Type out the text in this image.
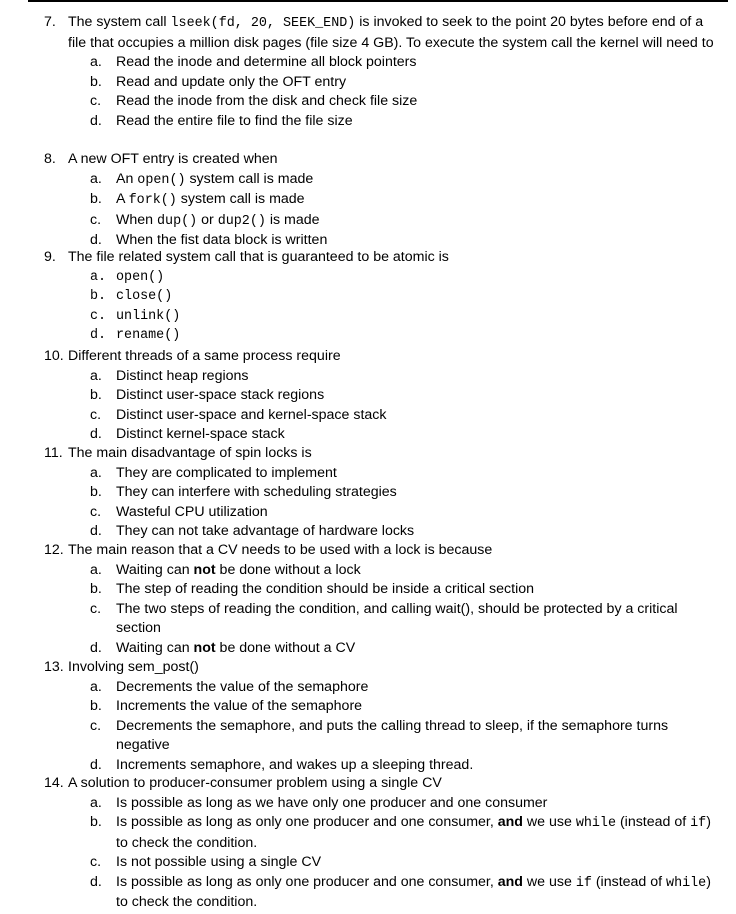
7. The system call lseek(fd, 20, SEEK_END) is invoked to seek to the point 20 bytes before end of a file that occupies a million disk pages (file size 4 GB). To execute the system call the kernel will need to
a. Read the inode and determine all block pointers
b. Read and update only the OFT entry
c. Read the inode from the disk and check file size
d. Read the entire file to find the file size
8. A new OFT entry is created when
a. An open() system call is made
b. A fork() system call is made
c. When dup() or dup2() is made
d. When the fist data block is written
9. The file related system call that is guaranteed to be atomic is
a. open()
b. close()
c. unlink()
d. rename()
10. Different threads of a same process require
a. Distinct heap regions
b. Distinct user-space stack regions
c. Distinct user-space and kernel-space stack
d. Distinct kernel-space stack
11. The main disadvantage of spin locks is
a. They are complicated to implement
b. They can interfere with scheduling strategies
c. Wasteful CPU utilization
d. They can not take advantage of hardware locks
12. The main reason that a CV needs to be used with a lock is because
a. Waiting can not be done without a lock
b. The step of reading the condition should be inside a critical section
c. The two steps of reading the condition, and calling wait(), should be protected by a critical section
d. Waiting can not be done without a CV
13. Involving sem_post()
a. Decrements the value of the semaphore
b. Increments the value of the semaphore
c. Decrements the semaphore, and puts the calling thread to sleep, if the semaphore turns negative
d. Increments semaphore, and wakes up a sleeping thread.
14. A solution to producer-consumer problem using a single CV
a. Is possible as long as we have only one producer and one consumer
b. Is possible as long as only one producer and one consumer, and we use while (instead of if) to check the condition.
c. Is not possible using a single CV
d. Is possible as long as only one producer and one consumer, and we use if (instead of while) to check the condition.
